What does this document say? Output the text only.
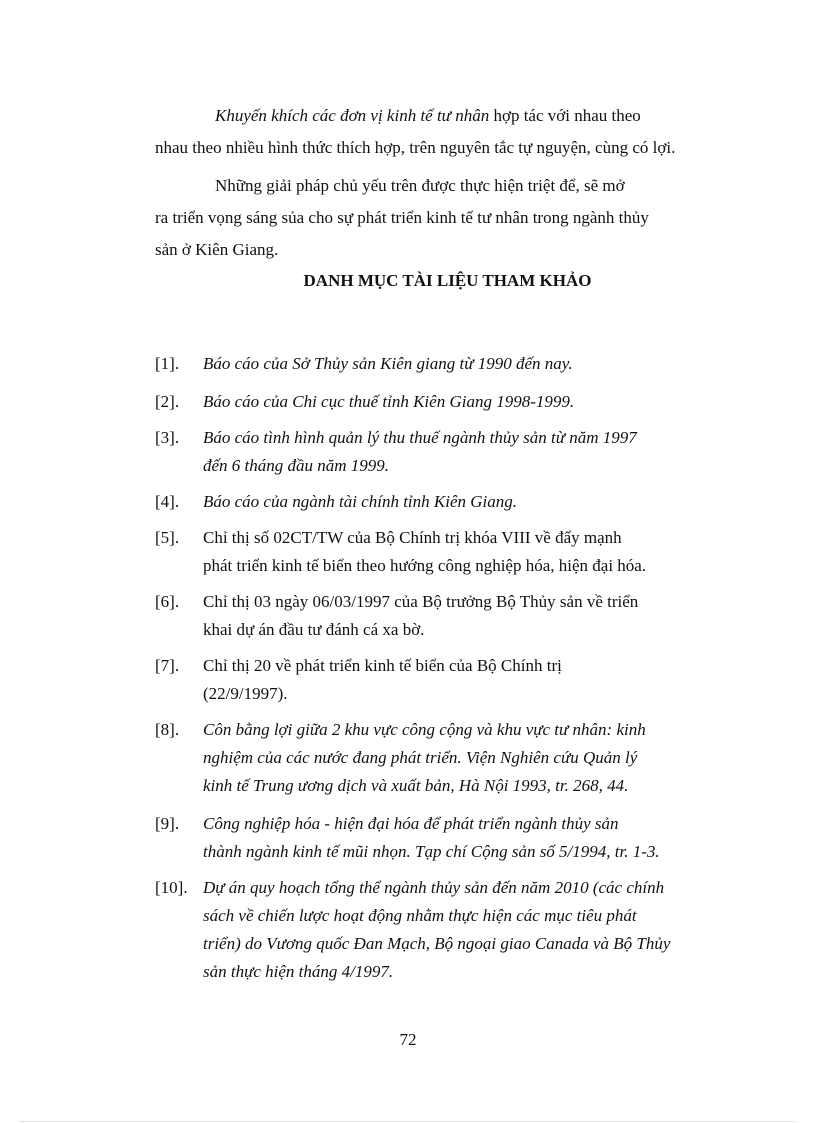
Khuyến khích các đơn vị kinh tế tư nhân hợp tác với nhau theo
nhau theo nhiều hình thức thích hợp, trên nguyên tắc tự nguyện, cùng có lợi.
Những giải pháp chủ yếu trên được thực hiện triệt để, sẽ mở
ra triển vọng sáng sủa cho sự phát triển kinh tế tư nhân trong ngành thủy
sản ở Kiên Giang.
DANH MỤC TÀI LIỆU THAM KHẢO
[1].	Báo cáo của Sở Thủy sản Kiên giang từ 1990 đến nay.
[2].	Báo cáo của Chi cục thuế tỉnh Kiên Giang 1998-1999.
[3].	Báo cáo tình hình quản lý thu thuế ngành thủy sản từ năm 1997
đến 6 tháng đầu năm 1999.
[4].	Báo cáo của ngành tài chính tỉnh Kiên Giang.
[5].	Chỉ thị số 02CT/TW của Bộ Chính trị khóa VIII về đẩy mạnh
phát triển kinh tế biển theo hướng công nghiệp hóa, hiện đại hóa.
[6].	Chỉ thị 03 ngày 06/03/1997 của Bộ trưởng Bộ Thủy sản về triển
khai dự án đầu tư đánh cá xa bờ.
[7].	Chỉ thị 20 về phát triển kinh tế biển của Bộ Chính trị
(22/9/1997).
[8].	Côn bằng lợi giữa 2 khu vực công cộng và khu vực tư nhân: kinh
nghiệm của các nước đang phát triển. Viện Nghiên cứu Quản lý
kinh tế Trung ương dịch và xuất bản, Hà Nội 1993, tr. 268, 44.
[9].	Công nghiệp hóa - hiện đại hóa để phát triển ngành thủy sản
thành ngành kinh tế mũi nhọn. Tạp chí Cộng sản số 5/1994, tr. 1-3.
[10]. Dự án quy hoạch tổng thể ngành thủy sản đến năm 2010 (các chính
sách về chiến lược hoạt động nhằm thực hiện các mục tiêu phát
triển) do Vương quốc Đan Mạch, Bộ ngoại giao Canada và Bộ Thủy
sản thực hiện tháng 4/1997.
72
